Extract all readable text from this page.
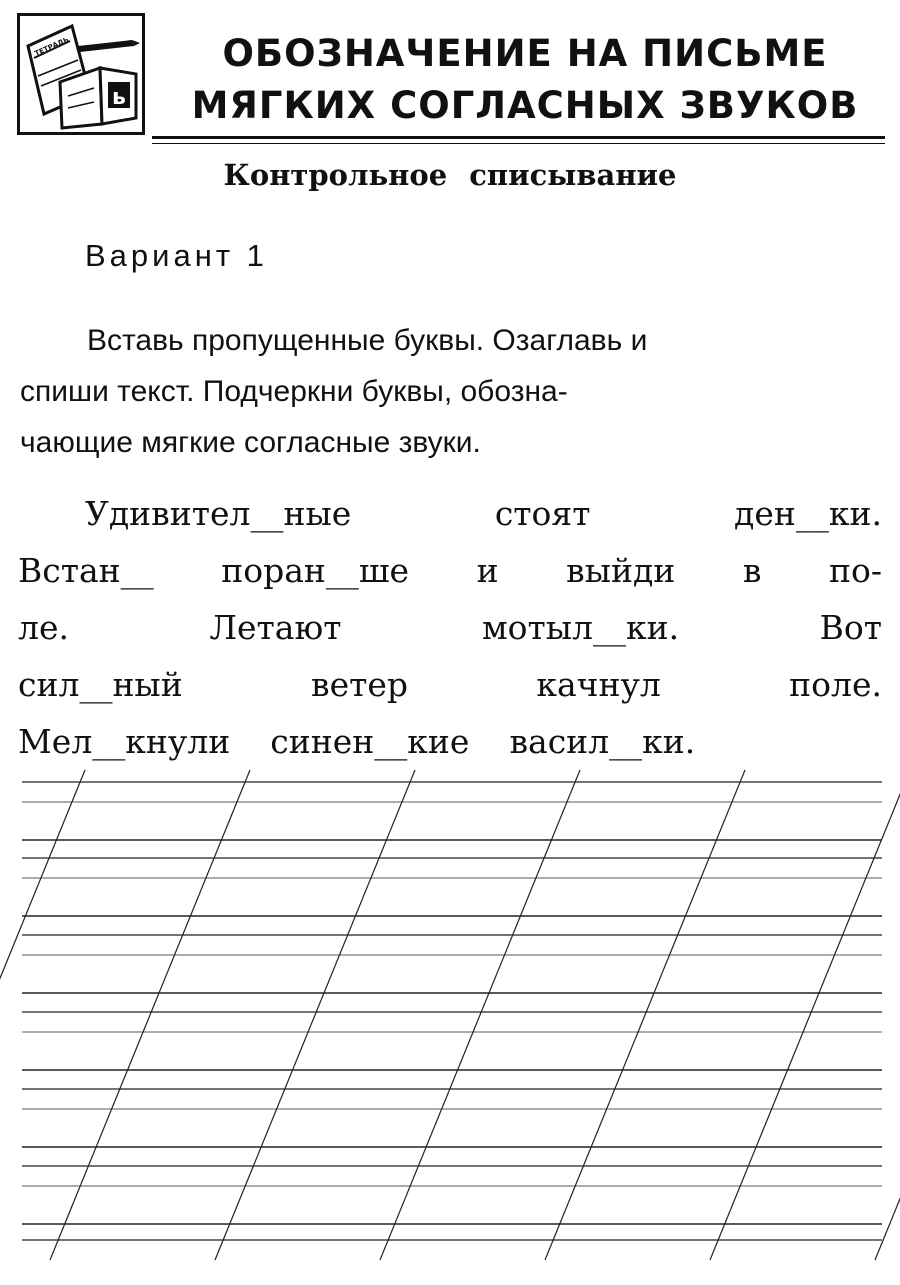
ТЕТРАДЬ
ь
ОБОЗНАЧЕНИЕ НА ПИСЬМЕ
МЯГКИХ СОГЛАСНЫХ ЗВУКОВ
Контрольное списывание
Вариант 1
Вставь пропущенные буквы. Озаглавь и
спиши текст. Подчеркни буквы, обозна-
чающие мягкие согласные звуки.
Удивител__ные	стоят	ден__ки.
Встан__ поран__ше и выйди в по-
ле.	Летают	мотыл__ки.	Вот
сил__ный	ветер	качнул	поле.
Мел__кнули синен__кие васил__ки.
